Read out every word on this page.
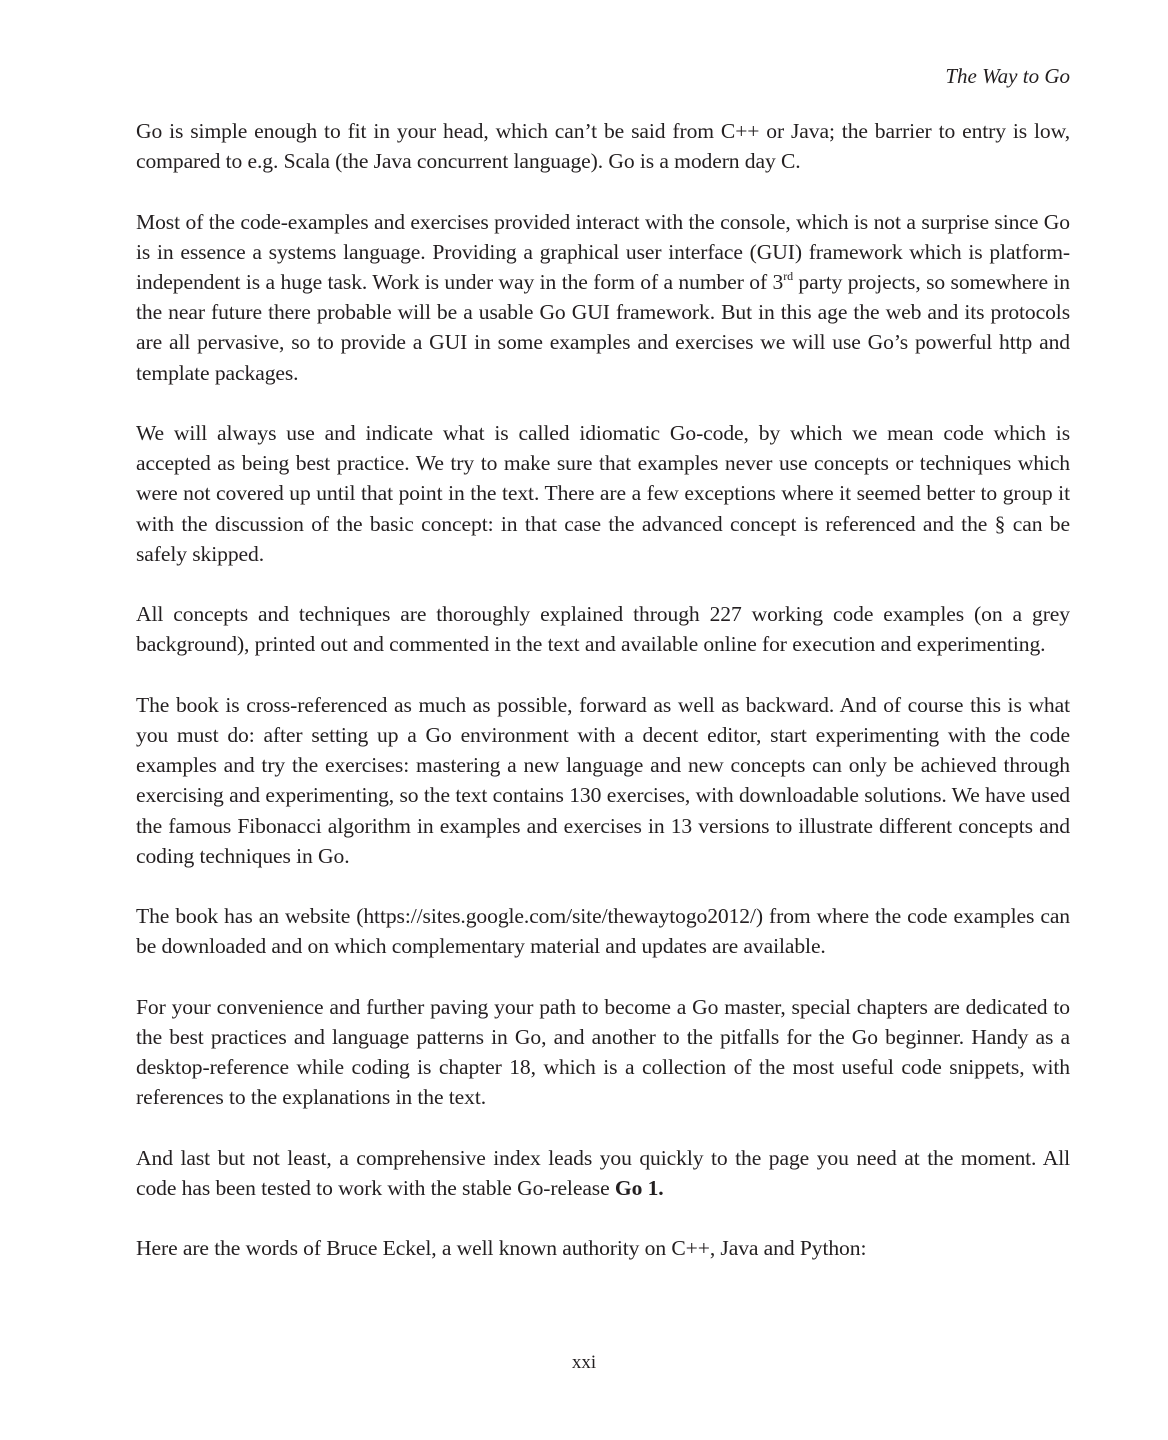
The Way to Go

Go is simple enough to fit in your head, which can’t be said from C++ or Java; the barrier to entry is low, compared to e.g. Scala (the Java concurrent language). Go is a modern day C.

Most of the code-examples and exercises provided interact with the console, which is not a surprise since Go is in essence a systems language. Providing a graphical user interface (GUI) framework which is platform-independent is a huge task. Work is under way in the form of a number of 3rd party projects, so somewhere in the near future there probable will be a usable Go GUI framework. But in this age the web and its protocols are all pervasive, so to provide a GUI in some examples and exercises we will use Go’s powerful http and template packages.

We will always use and indicate what is called idiomatic Go-code, by which we mean code which is accepted as being best practice. We try to make sure that examples never use concepts or techniques which were not covered up until that point in the text. There are a few exceptions where it seemed better to group it with the discussion of the basic concept: in that case the advanced concept is referenced and the § can be safely skipped.

All concepts and techniques are thoroughly explained through 227 working code examples (on a grey background), printed out and commented in the text and available online for execution and experimenting.

The book is cross-referenced as much as possible, forward as well as backward. And of course this is what you must do: after setting up a Go environment with a decent editor, start experimenting with the code examples and try the exercises: mastering a new language and new concepts can only be achieved through exercising and experimenting, so the text contains 130 exercises, with downloadable solutions. We have used the famous Fibonacci algorithm in examples and exercises in 13 versions to illustrate different concepts and coding techniques in Go.

The book has an website (https://sites.google.com/site/thewaytogo2012/) from where the code examples can be downloaded and on which complementary material and updates are available.

For your convenience and further paving your path to become a Go master, special chapters are dedicated to the best practices and language patterns in Go, and another to the pitfalls for the Go beginner. Handy as a desktop-reference while coding is chapter 18, which is a collection of the most useful code snippets, with references to the explanations in the text.

And last but not least, a comprehensive index leads you quickly to the page you need at the moment. All code has been tested to work with the stable Go-release Go 1.

Here are the words of Bruce Eckel, a well known authority on C++, Java and Python:

xxi
